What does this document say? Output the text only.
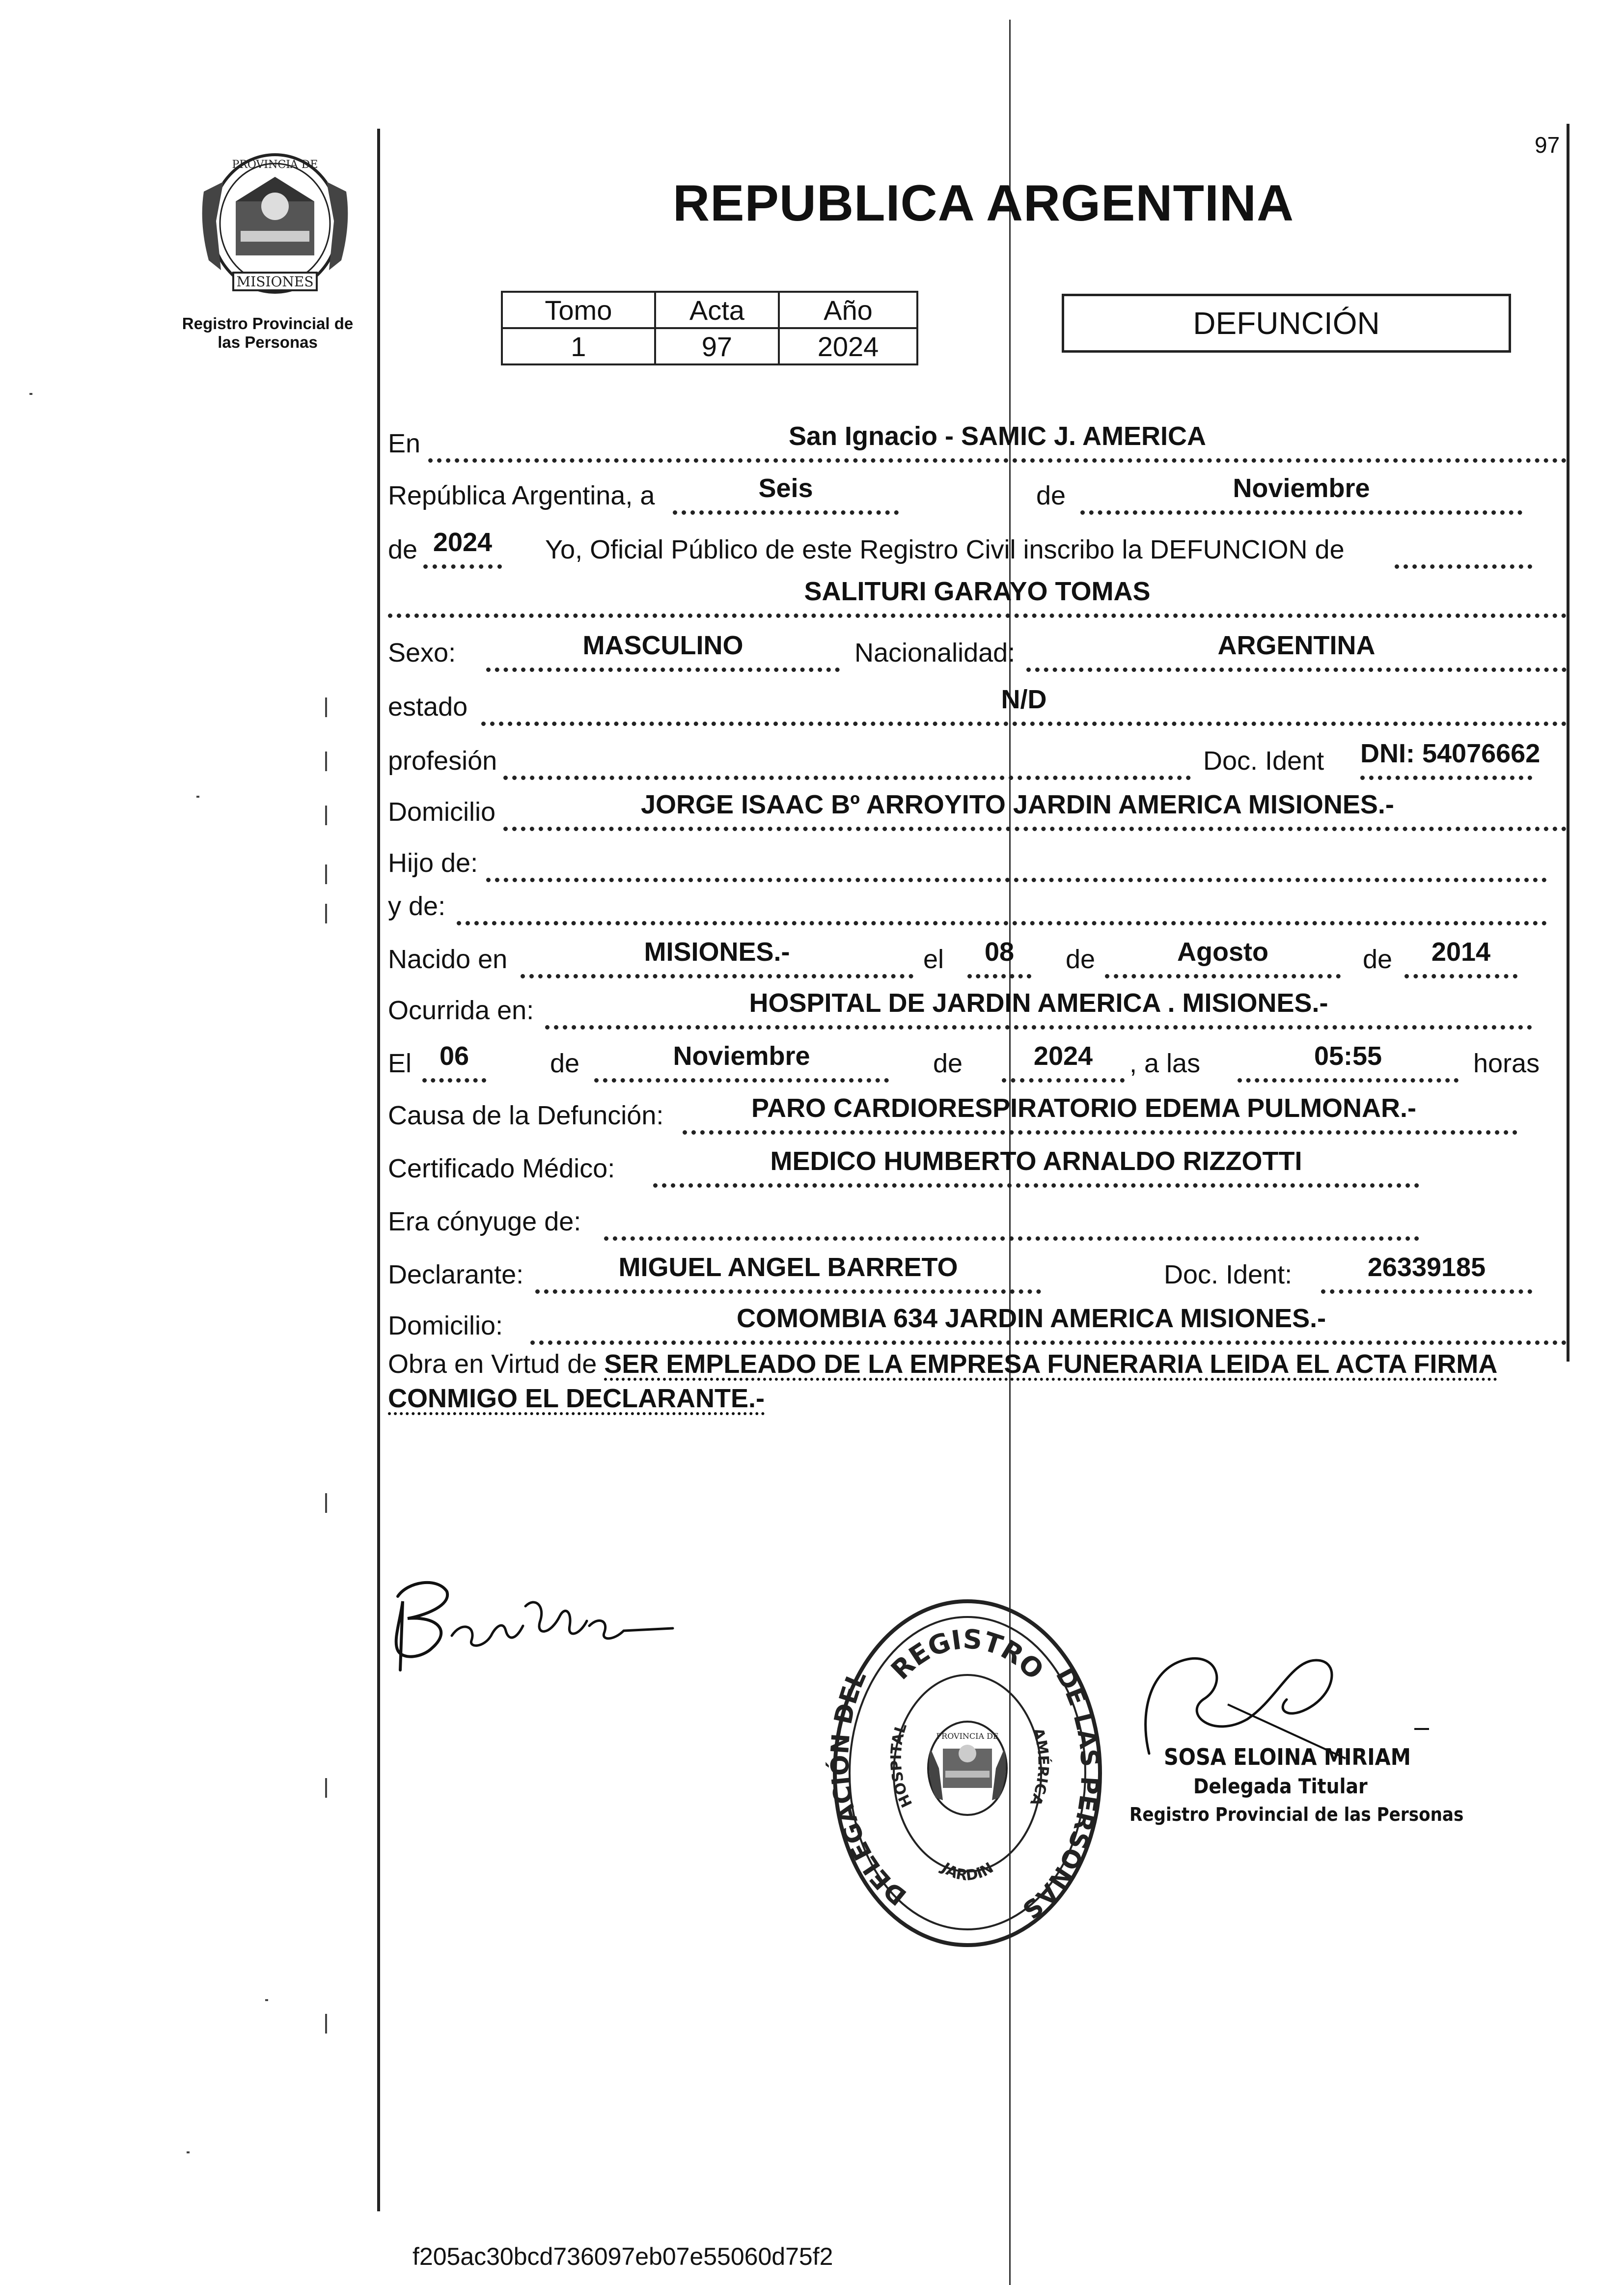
MISIONES
PROVINCIA DE
Registro Provincial de
las Personas
97
REPUBLICA ARGENTINA
Tomo	Acta	Año
1	97	2024
DEFUNCIÓN
En	San Ignacio - SAMIC J. AMERICA
República Argentina, a	Seis	de	Noviembre
de 2024	Yo, Oficial Público de este Registro Civil inscribo la DEFUNCION de
SALITURI GARAYO TOMAS
Sexo:	MASCULINO	Nacionalidad:	ARGENTINA
estado	N/D
profesión	Doc. Ident DNI: 54076662
Domicilio	JORGE ISAAC Bº ARROYITO JARDIN AMERICA MISIONES.-
Hijo de:
y de:
Nacido en	MISIONES.-	el	08	de	Agosto	de	2014
Ocurrida en:	HOSPITAL DE JARDIN AMERICA . MISIONES.-
El	06	de	Noviembre	de	2024	, a las	05:55	horas
Causa de la Defunción:	PARO CARDIORESPIRATORIO EDEMA PULMONAR.-
Certificado Médico:	MEDICO HUMBERTO ARNALDO RIZZOTTI
Era cónyuge de:
Declarante:	MIGUEL ANGEL BARRETO	Doc. Ident:	26339185
Domicilio:	COMOMBIA 634 JARDIN AMERICA MISIONES.-
Obra en Virtud de SER EMPLEADO DE LA EMPRESA FUNERARIA LEIDA EL ACTA FIRMA
CONMIGO EL DECLARANTE.-
REGISTRO
DELEGACIÓN DEL	DE LAS PERSONAS
HOSPITAL
JARDIN
AMÉRICA
PROVINCIA DE
SOSA ELOINA MIRIAM
Delegada Titular
Registro Provincial de las Personas
f205ac30bcd736097eb07e55060d75f2
